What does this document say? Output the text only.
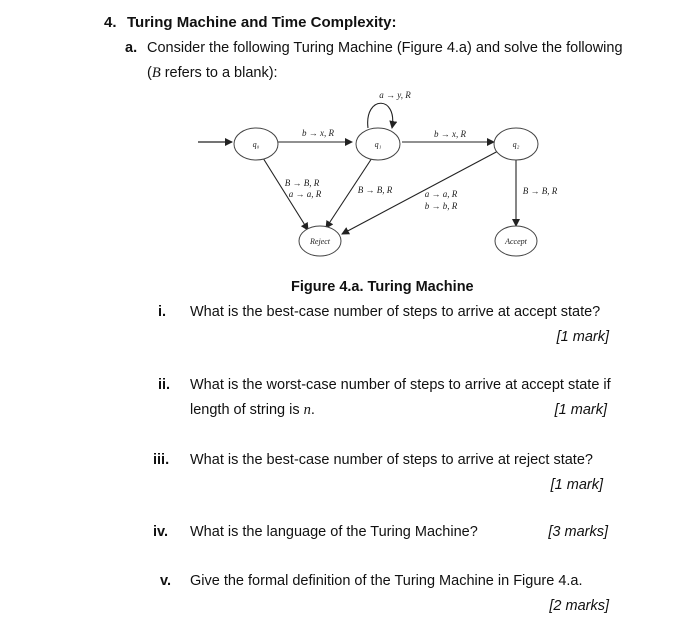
4. Turing Machine and Time Complexity:
a. Consider the following Turing Machine (Figure 4.a) and solve the following
(B refers to a blank):
q₀	q₁	q₂
Reject	Accept
a → y, R
b → x, R	b → x, R
B → B, R
a → a, R	B → B, R	a → a, R
b → b, R
B → B, R
Figure 4.a. Turing Machine
i. What is the best-case number of steps to arrive at accept state?
[1 mark]
ii. What is the worst-case number of steps to arrive at accept state if
length of string is n.	[1 mark]
iii. What is the best-case number of steps to arrive at reject state?
[1 mark]
iv. What is the language of the Turing Machine?	[3 marks]
v. Give the formal definition of the Turing Machine in Figure 4.a.
[2 marks]
